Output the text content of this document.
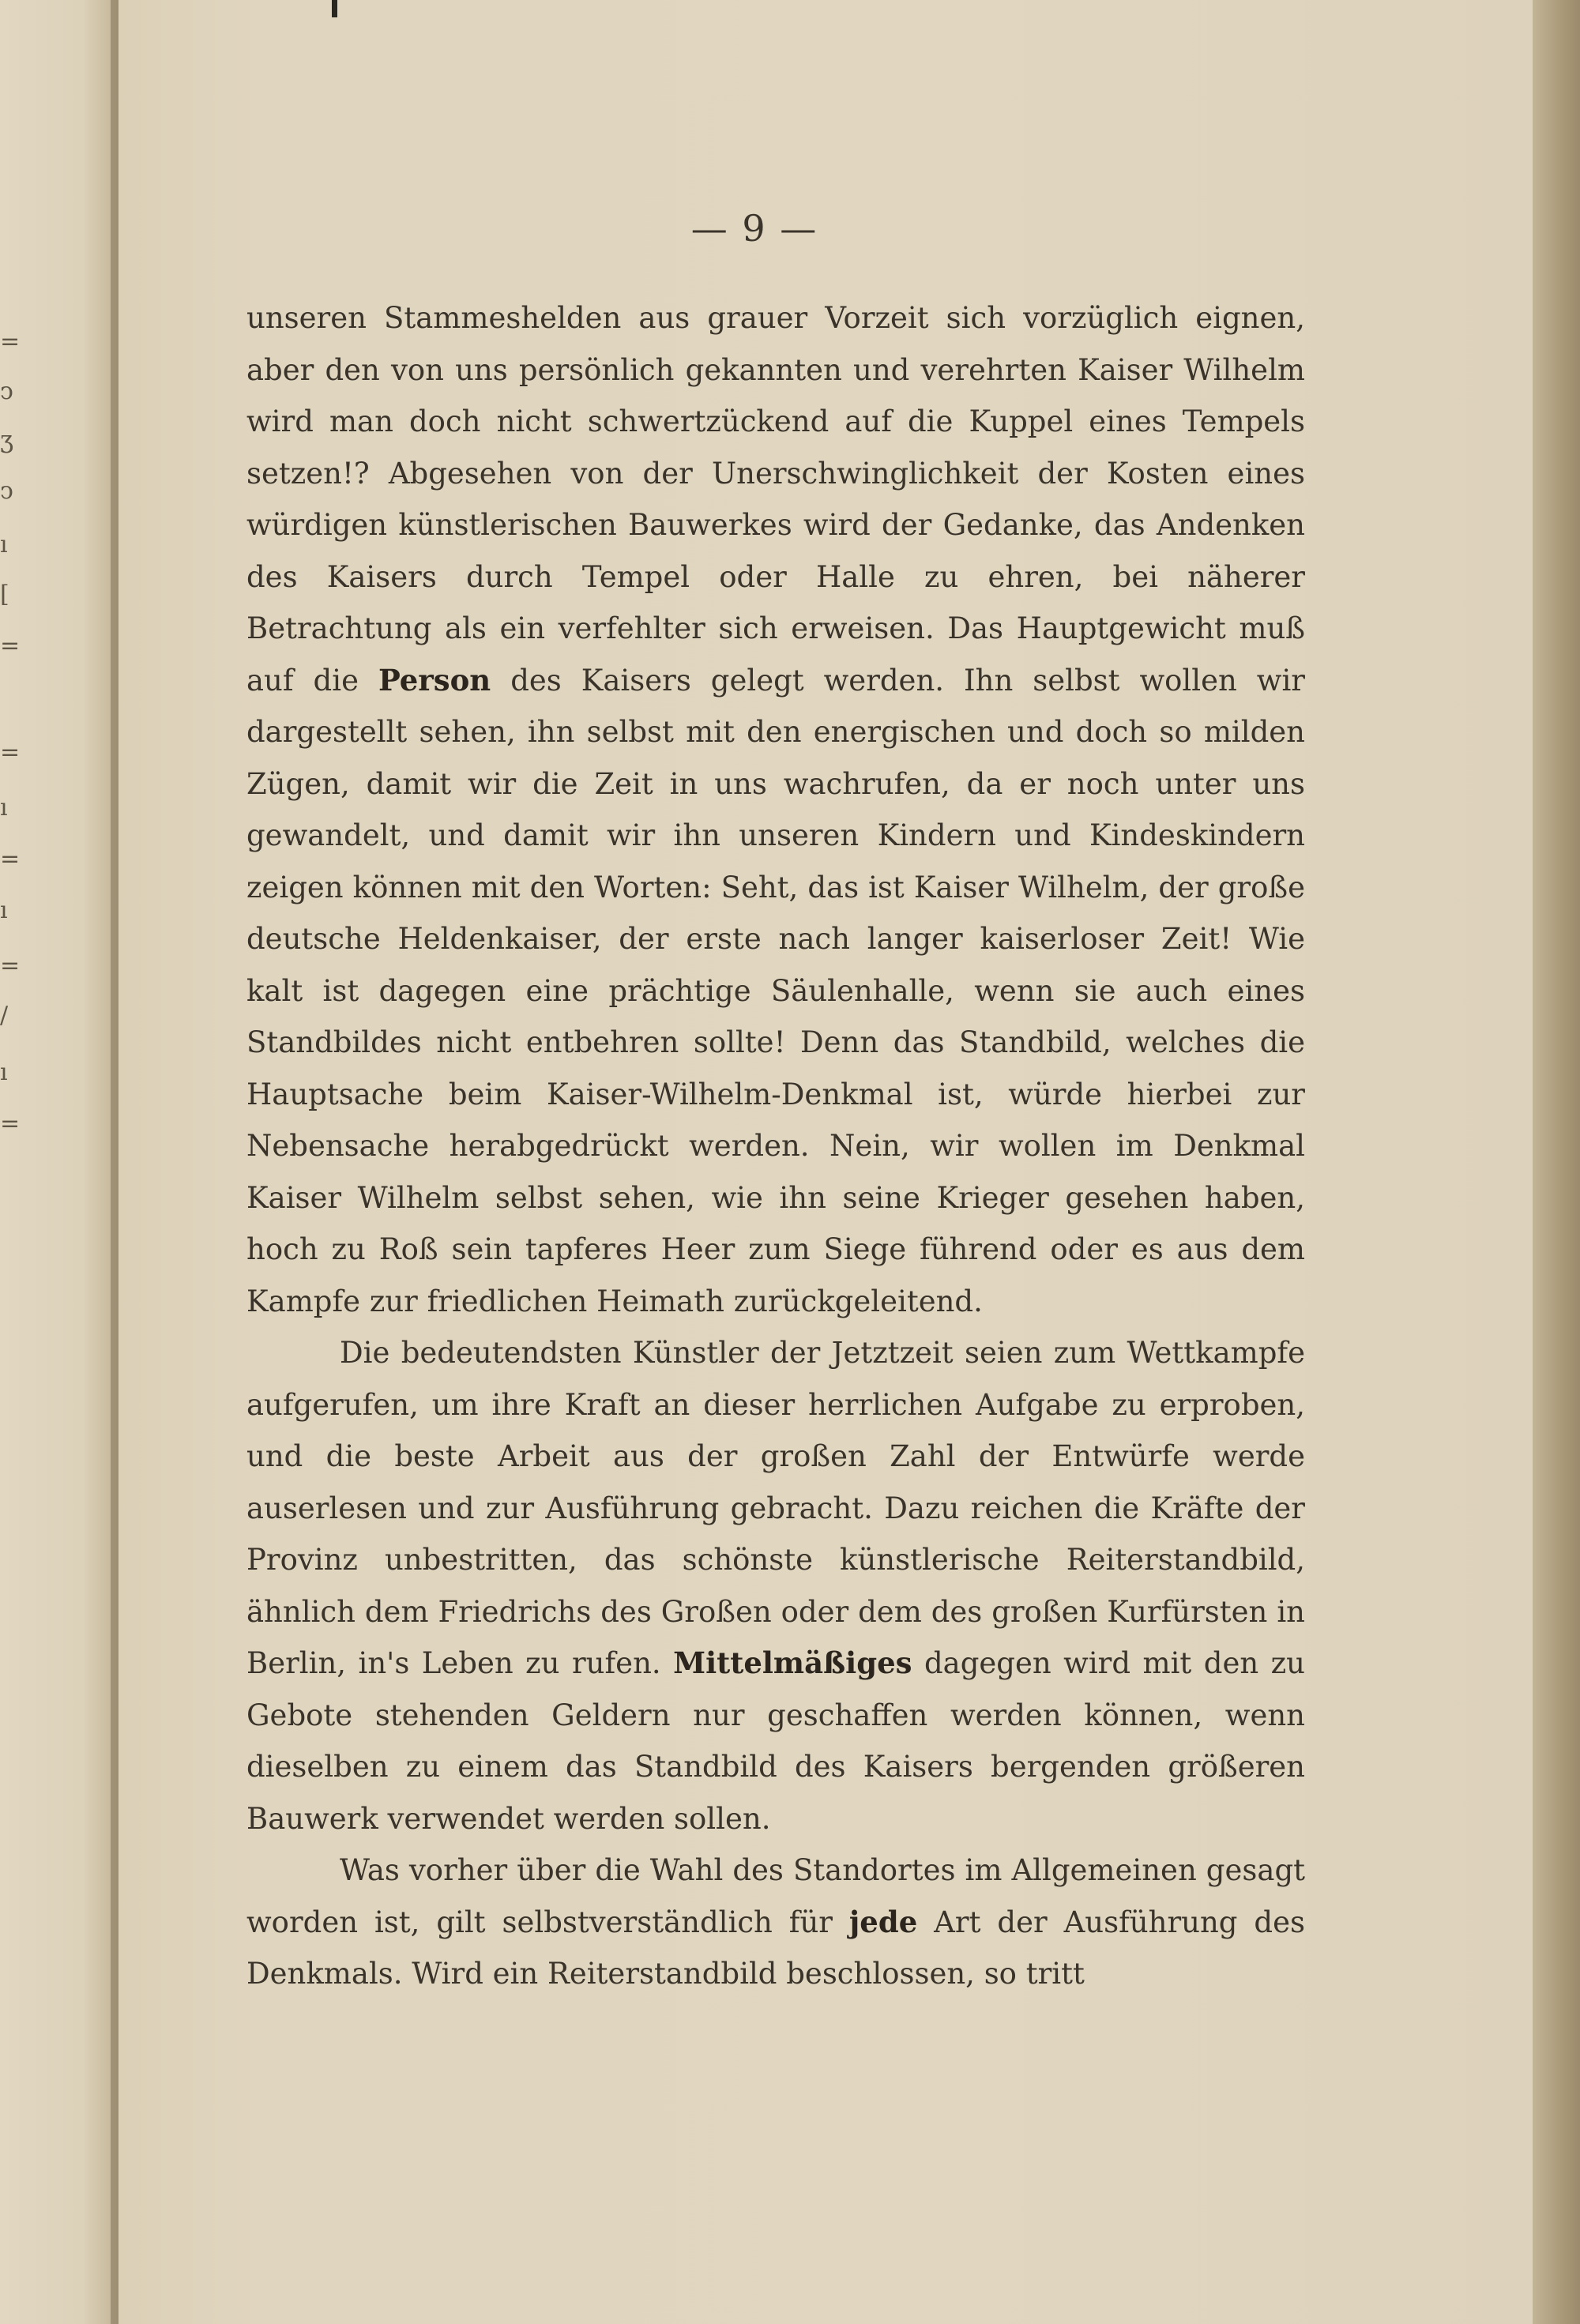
=
ͻ
ʒ
ͻ
ı
[
=
=
ı
=
ı
=
/
ı
=
— 9 —

unseren Stammeshelden aus grauer Vorzeit sich vorzüglich eignen, aber den von uns persönlich gekannten und verehrten Kaiser Wilhelm wird man doch nicht schwertzückend auf die Kuppel eines Tempels setzen!? Abgesehen von der Unerschwinglichkeit der Kosten eines würdigen künstlerischen Bauwerkes wird der Gedanke, das Andenken des Kaisers durch Tempel oder Halle zu ehren, bei näherer Betrachtung als ein verfehlter sich erweisen. Das Hauptgewicht muß auf die Person des Kaisers gelegt werden. Ihn selbst wollen wir dargestellt sehen, ihn selbst mit den energischen und doch so milden Zügen, damit wir die Zeit in uns wachrufen, da er noch unter uns gewandelt, und damit wir ihn unseren Kindern und Kindeskindern zeigen können mit den Worten: Seht, das ist Kaiser Wilhelm, der große deutsche Heldenkaiser, der erste nach langer kaiserloser Zeit! Wie kalt ist dagegen eine prächtige Säulenhalle, wenn sie auch eines Standbildes nicht entbehren sollte! Denn das Standbild, welches die Hauptsache beim Kaiser-Wilhelm-Denkmal ist, würde hierbei zur Nebensache herabgedrückt werden. Nein, wir wollen im Denkmal Kaiser Wilhelm selbst sehen, wie ihn seine Krieger gesehen haben, hoch zu Roß sein tapferes Heer zum Siege führend oder es aus dem Kampfe zur friedlichen Heimath zurückgeleitend.

Die bedeutendsten Künstler der Jetztzeit seien zum Wettkampfe aufgerufen, um ihre Kraft an dieser herrlichen Aufgabe zu erproben, und die beste Arbeit aus der großen Zahl der Entwürfe werde auserlesen und zur Ausführung gebracht. Dazu reichen die Kräfte der Provinz unbestritten, das schönste künstlerische Reiterstandbild, ähnlich dem Friedrichs des Großen oder dem des großen Kurfürsten in Berlin, in's Leben zu rufen. Mittelmäßiges dagegen wird mit den zu Gebote stehenden Geldern nur geschaffen werden können, wenn dieselben zu einem das Standbild des Kaisers bergenden größeren Bauwerk verwendet werden sollen.

Was vorher über die Wahl des Standortes im Allgemeinen gesagt worden ist, gilt selbstverständlich für jede Art der Ausführung des Denkmals. Wird ein Reiterstandbild beschlossen, so tritt
